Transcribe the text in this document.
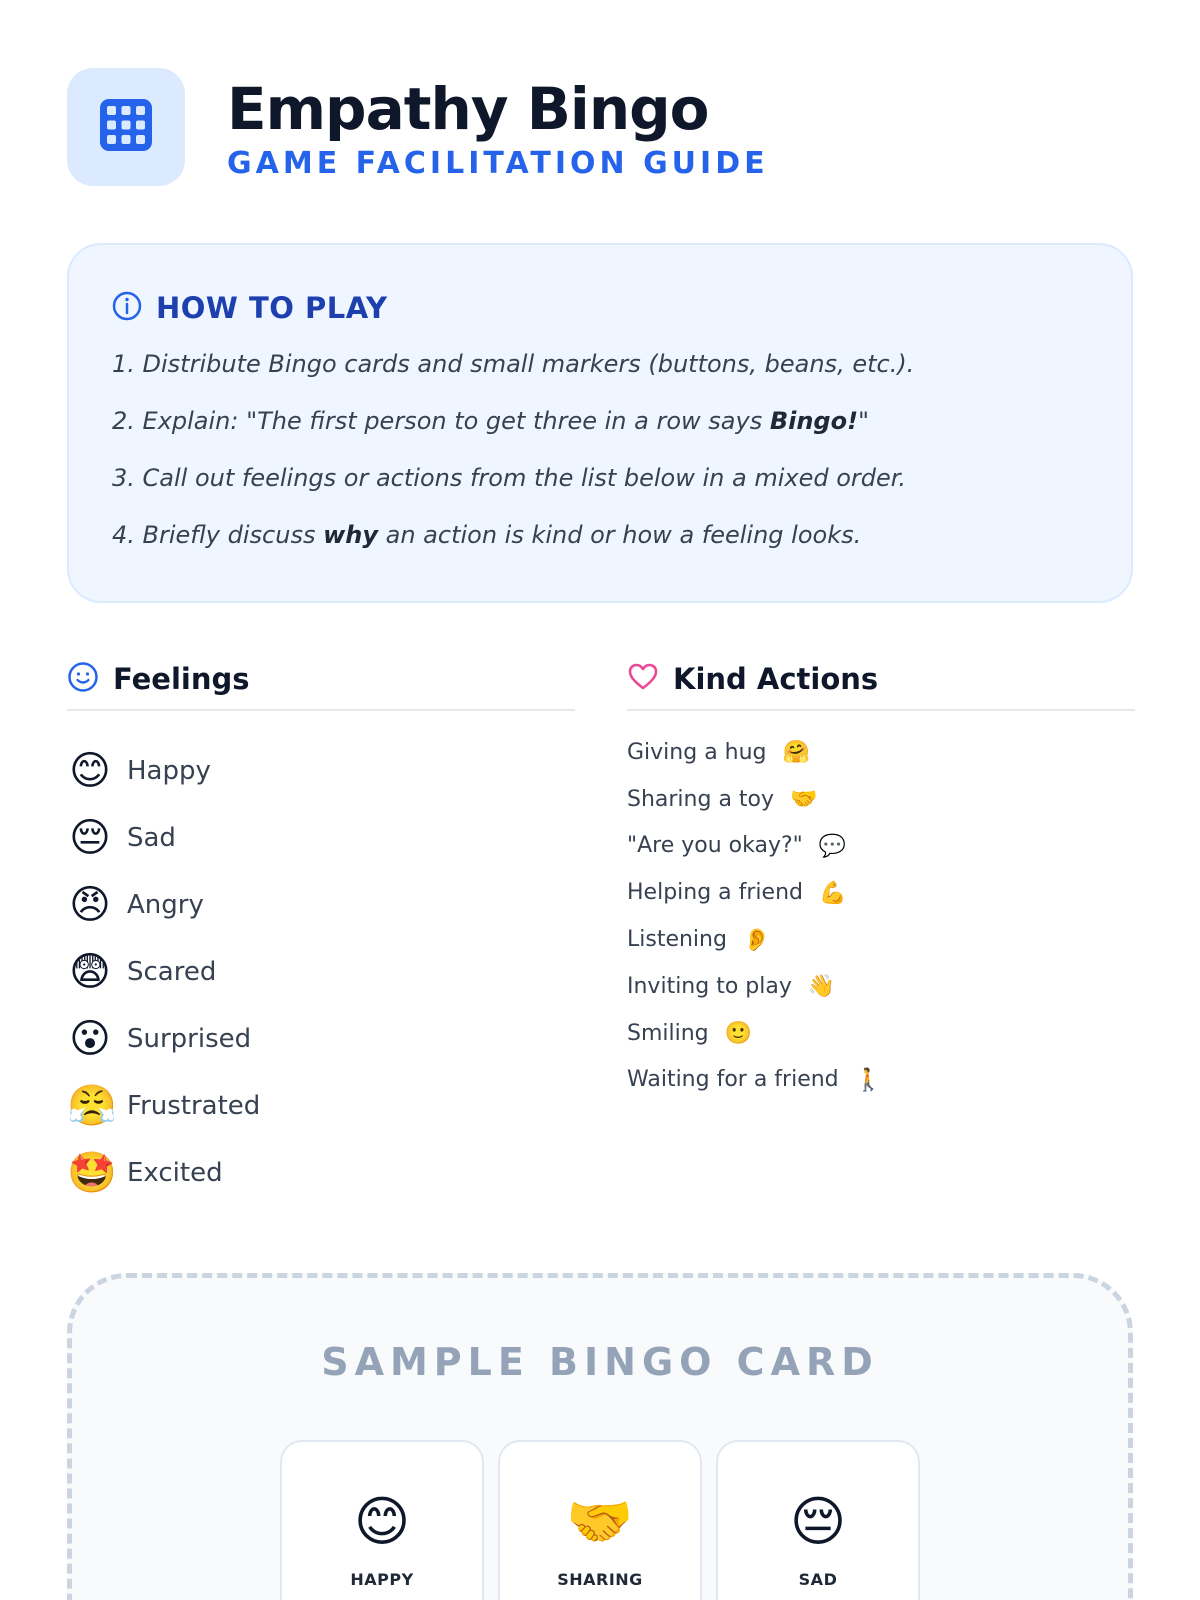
Empathy Bingo
GAME FACILITATION GUIDE
HOW TO PLAY
1. Distribute Bingo cards and small markers (buttons, beans, etc.).
2. Explain: "The first person to get three in a row says Bingo!"
3. Call out feelings or actions from the list below in a mixed order.
4. Briefly discuss why an action is kind or how a feeling looks.
Feelings
😊 Happy
😔 Sad
😠 Angry
😨 Scared
😮 Surprised
😤 Frustrated
🤩 Excited
Kind Actions
Giving a hug 🤗
Sharing a toy 🤝
"Are you okay?" 💬
Helping a friend 💪
Listening 👂
Inviting to play 👋
Smiling 🙂
Waiting for a friend 🚶
SAMPLE BINGO CARD
😊
HAPPY
🤝
SHARING
😔
SAD
